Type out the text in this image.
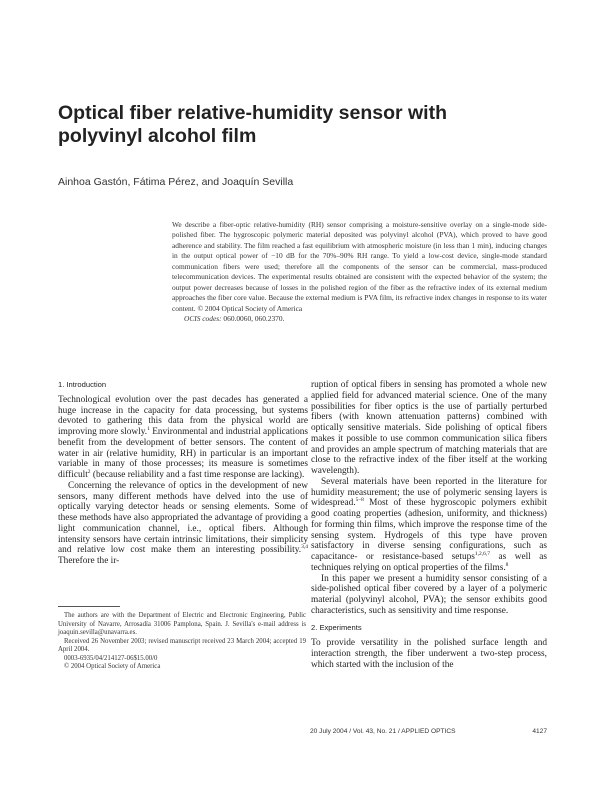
Optical fiber relative-humidity sensor with polyvinyl alcohol film
Ainhoa Gastón, Fátima Pérez, and Joaquín Sevilla

We describe a fiber-optic relative-humidity (RH) sensor comprising a moisture-sensitive overlay on a single-mode side-polished fiber. The hygroscopic polymeric material deposited was polyvinyl alcohol (PVA), which proved to have good adherence and stability. The film reached a fast equilibrium with atmospheric moisture (in less than 1 min), inducing changes in the output optical power of −10 dB for the 70%–90% RH range. To yield a low-cost device, single-mode standard communication fibers were used; therefore all the components of the sensor can be commercial, mass-produced telecommunication devices. The experimental results obtained are consistent with the expected behavior of the system; the output power decreases because of losses in the polished region of the fiber as the refractive index of its external medium approaches the fiber core value. Because the external medium is PVA film, its refractive index changes in response to its water content. © 2004 Optical Society of America

OCIS codes: 060.0060, 060.2370.

1. Introduction

Technological evolution over the past decades has generated a huge increase in the capacity for data processing, but systems devoted to gathering this data from the physical world are improving more slowly.$^1$ Environmental and industrial applications benefit from the development of better sensors. The content of water in air (relative humidity, RH) in particular is an important variable in many of those processes; its measure is sometimes difficult$^2$ (because reliability and a fast time response are lacking).

Concerning the relevance of optics in the development of new sensors, many different methods have delved into the use of optically varying detector heads or sensing elements. Some of these methods have also appropriated the advantage of providing a light communication channel, i.e., optical fibers. Although intensity sensors have certain intrinsic limitations, their simplicity and relative low cost make them an interesting possibility.$^{3,4}$ Therefore the ir-

The authors are with the Department of Electric and Electronic Engineering, Public University of Navarre, Arrosadía 31006 Pamplona, Spain. J. Sevilla's e-mail address is joaquin.sevilla@unavarra.es.

Received 26 November 2003; revised manuscript received 23 March 2004; accepted 19 April 2004.

0003-6935/04/214127-06$15.00/0

© 2004 Optical Society of America

ruption of optical fibers in sensing has promoted a whole new applied field for advanced material science. One of the many possibilities for fiber optics is the use of partially perturbed fibers (with known attenuation patterns) combined with optically sensitive materials. Side polishing of optical fibers makes it possible to use common communication silica fibers and provides an ample spectrum of matching materials that are close to the refractive index of the fiber itself at the working wavelength).

Several materials have been reported in the literature for humidity measurement; the use of polymeric sensing layers is widespread.$^{5-8}$ Most of these hygroscopic polymers exhibit good coating properties (adhesion, uniformity, and thickness) for forming thin films, which improve the response time of the sensing system. Hydrogels of this type have proven satisfactory in diverse sensing configurations, such as capacitance- or resistance-based setups$^{1,2,6,7}$ as well as techniques relying on optical properties of the films.$^8$

In this paper we present a humidity sensor consisting of a side-polished optical fiber covered by a layer of a polymeric material (polyvinyl alcohol, PVA); the sensor exhibits good characteristics, such as sensitivity and time response.

2. Experiments

To provide versatility in the polished surface length and interaction strength, the fiber underwent a two-step process, which started with the inclusion of the

20 July 2004 / Vol. 43, No. 21 / APPLIED OPTICS	4127
